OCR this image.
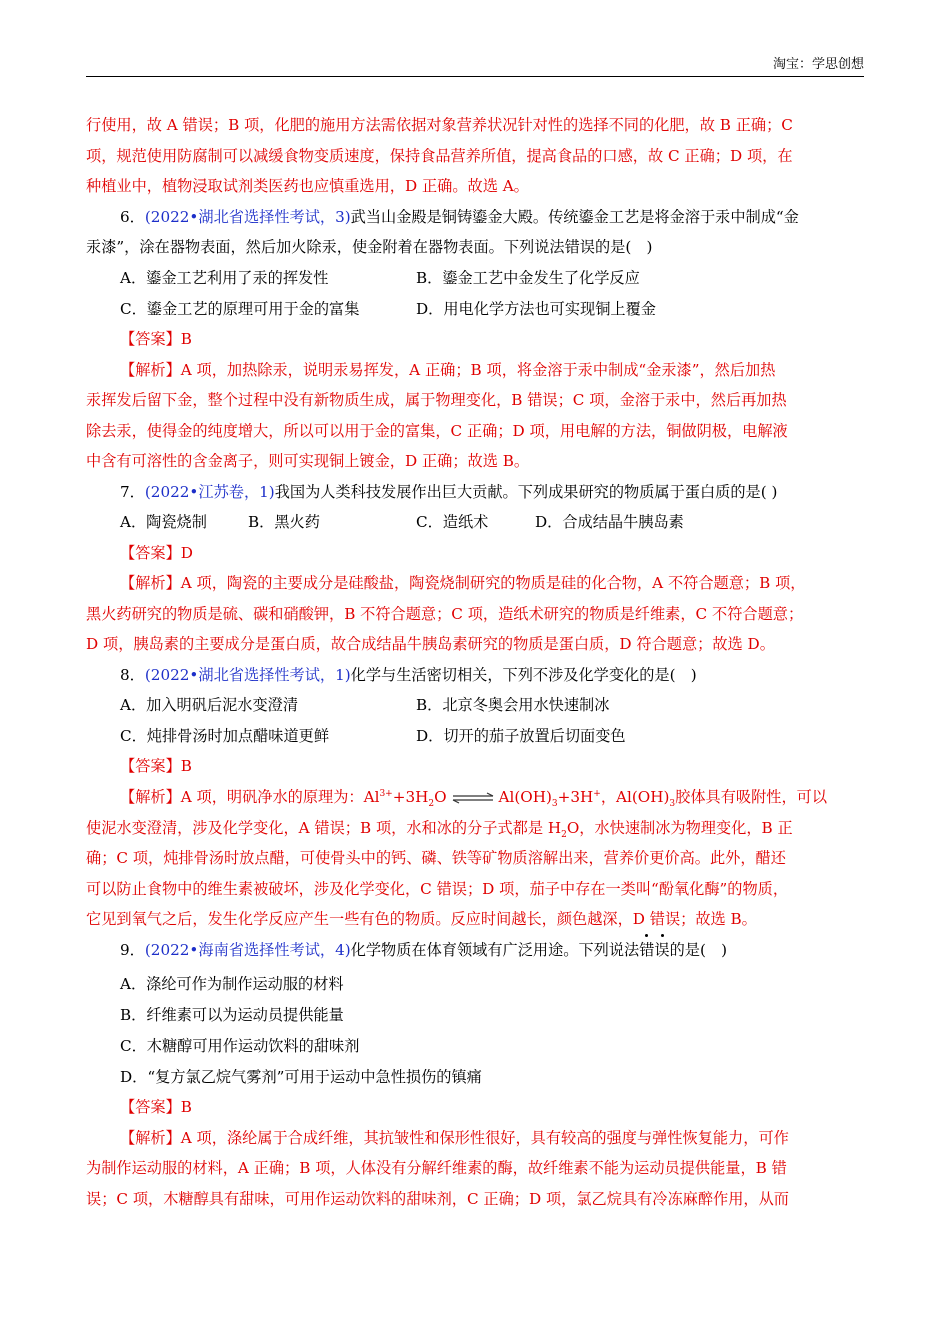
淘宝：学思创想
行使用，故 A 错误；B 项，化肥的施用方法需依据对象营养状况针对性的选择不同的化肥，故 B 正确；C
项，规范使用防腐制可以减缓食物变质速度，保持食品营养所值，提高食品的口感，故 C 正确；D 项，在
种植业中，植物浸取试剂类医药也应慎重选用，D 正确。故选 A。
6．(2022•湖北省选择性考试，3)武当山金殿是铜铸鎏金大殿。传统鎏金工艺是将金溶于汞中制成“金
汞漆”，涂在器物表面，然后加火除汞，使金附着在器物表面。下列说法错误的是(　)
A．鎏金工艺利用了汞的挥发性	B．鎏金工艺中金发生了化学反应
C．鎏金工艺的原理可用于金的富集	D．用电化学方法也可实现铜上覆金
【答案】B
【解析】A 项，加热除汞，说明汞易挥发，A 正确；B 项，将金溶于汞中制成“金汞漆”，然后加热
汞挥发后留下金，整个过程中没有新物质生成，属于物理变化，B 错误；C 项，金溶于汞中，然后再加热
除去汞，使得金的纯度增大，所以可以用于金的富集，C 正确；D 项，用电解的方法，铜做阴极，电解液
中含有可溶性的含金离子，则可实现铜上镀金，D 正确；故选 B。
7．(2022•江苏卷，1)我国为人类科技发展作出巨大贡献。下列成果研究的物质属于蛋白质的是( )
A．陶瓷烧制	B．黑火药	C．造纸术	D．合成结晶牛胰岛素
【答案】D
【解析】A 项，陶瓷的主要成分是硅酸盐，陶瓷烧制研究的物质是硅的化合物，A 不符合题意；B 项，
黑火药研究的物质是硫、碳和硝酸钾，B 不符合题意；C 项，造纸术研究的物质是纤维素，C 不符合题意；
D 项，胰岛素的主要成分是蛋白质，故合成结晶牛胰岛素研究的物质是蛋白质，D 符合题意；故选 D。
8．(2022•湖北省选择性考试，1)化学与生活密切相关，下列不涉及化学变化的是(　)
A．加入明矾后泥水变澄清	B．北京冬奥会用水快速制冰
C．炖排骨汤时加点醋味道更鲜	D．切开的茄子放置后切面变色
【答案】B
【解析】A 项，明矾净水的原理为：$Al^{3+}+3H_2O$ ⇌ $Al(OH)_3+3H^+$，$Al(OH)_3$胶体具有吸附性，可以
使泥水变澄清，涉及化学变化，A 错误；B 项，水和冰的分子式都是 $H_2O$，水快速制冰为物理变化，B 正
确；C 项，炖排骨汤时放点醋，可使骨头中的钙、磷、铁等矿物质溶解出来，营养价更价高。此外，醋还
可以防止食物中的维生素被破坏，涉及化学变化，C 错误；D 项，茄子中存在一类叫“酚氧化酶”的物质，
它见到氧气之后，发生化学反应产生一些有色的物质。反应时间越长，颜色越深，D 错误；故选 B。
9．(2022•海南省选择性考试，4)化学物质在体育领域有广泛用途。下列说法错误的是(　)
A．涤纶可作为制作运动服的材料
B．纤维素可以为运动员提供能量
C．木糖醇可用作运动饮料的甜味剂
D．“复方氯乙烷气雾剂”可用于运动中急性损伤的镇痛
【答案】B
【解析】A 项，涤纶属于合成纤维，其抗皱性和保形性很好，具有较高的强度与弹性恢复能力，可作
为制作运动服的材料，A 正确；B 项，人体没有分解纤维素的酶，故纤维素不能为运动员提供能量，B 错
误；C 项，木糖醇具有甜味，可用作运动饮料的甜味剂，C 正确；D 项，氯乙烷具有冷冻麻醉作用，从而
